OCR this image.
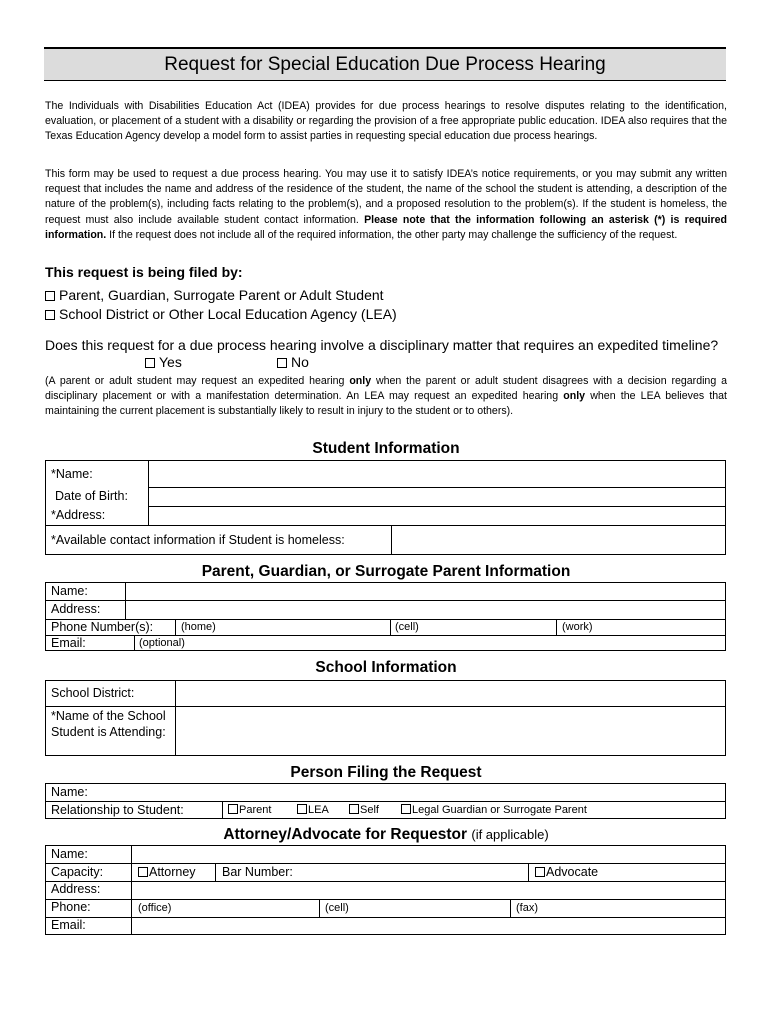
Request for Special Education Due Process Hearing
The Individuals with Disabilities Education Act (IDEA) provides for due process hearings to resolve disputes relating to the identification, evaluation, or placement of a student with a disability or regarding the provision of a free appropriate public education. IDEA also requires that the Texas Education Agency develop a model form to assist parties in requesting special education due process hearings.
This form may be used to request a due process hearing. You may use it to satisfy IDEA’s notice requirements, or you may submit any written request that includes the name and address of the residence of the student, the name of the school the student is attending, a description of the nature of the problem(s), including facts relating to the problem(s), and a proposed resolution to the problem(s). If the student is homeless, the request must also include available student contact information. Please note that the information following an asterisk (*) is required information. If the request does not include all of the required information, the other party may challenge the sufficiency of the request.
This request is being filed by:
Parent, Guardian, Surrogate Parent or Adult Student
School District or Other Local Education Agency (LEA)
Does this request for a due process hearing involve a disciplinary matter that requires an expedited timeline?
Yes	No
(A parent or adult student may request an expedited hearing only when the parent or adult student disagrees with a decision regarding a disciplinary placement or with a manifestation determination. An LEA may request an expedited hearing only when the LEA believes that maintaining the current placement is substantially likely to result in injury to the student or to others).
Student Information
*Name:
Date of Birth:
*Address:
*Available contact information if Student is homeless:
Parent, Guardian, or Surrogate Parent Information
Name:
Address:
Phone Number(s):	(home)	(cell)	(work)
Email:	(optional)
School Information
School District:
*Name of the School Student is Attending:
Person Filing the Request
Name:
Relationship to Student:	Parent	LEA	Self	Legal Guardian or Surrogate Parent
Attorney/Advocate for Requestor (if applicable)
Name:
Capacity:	Attorney Bar Number:	Advocate
Address:
Phone:	(office)	(cell)	(fax)
Email:
